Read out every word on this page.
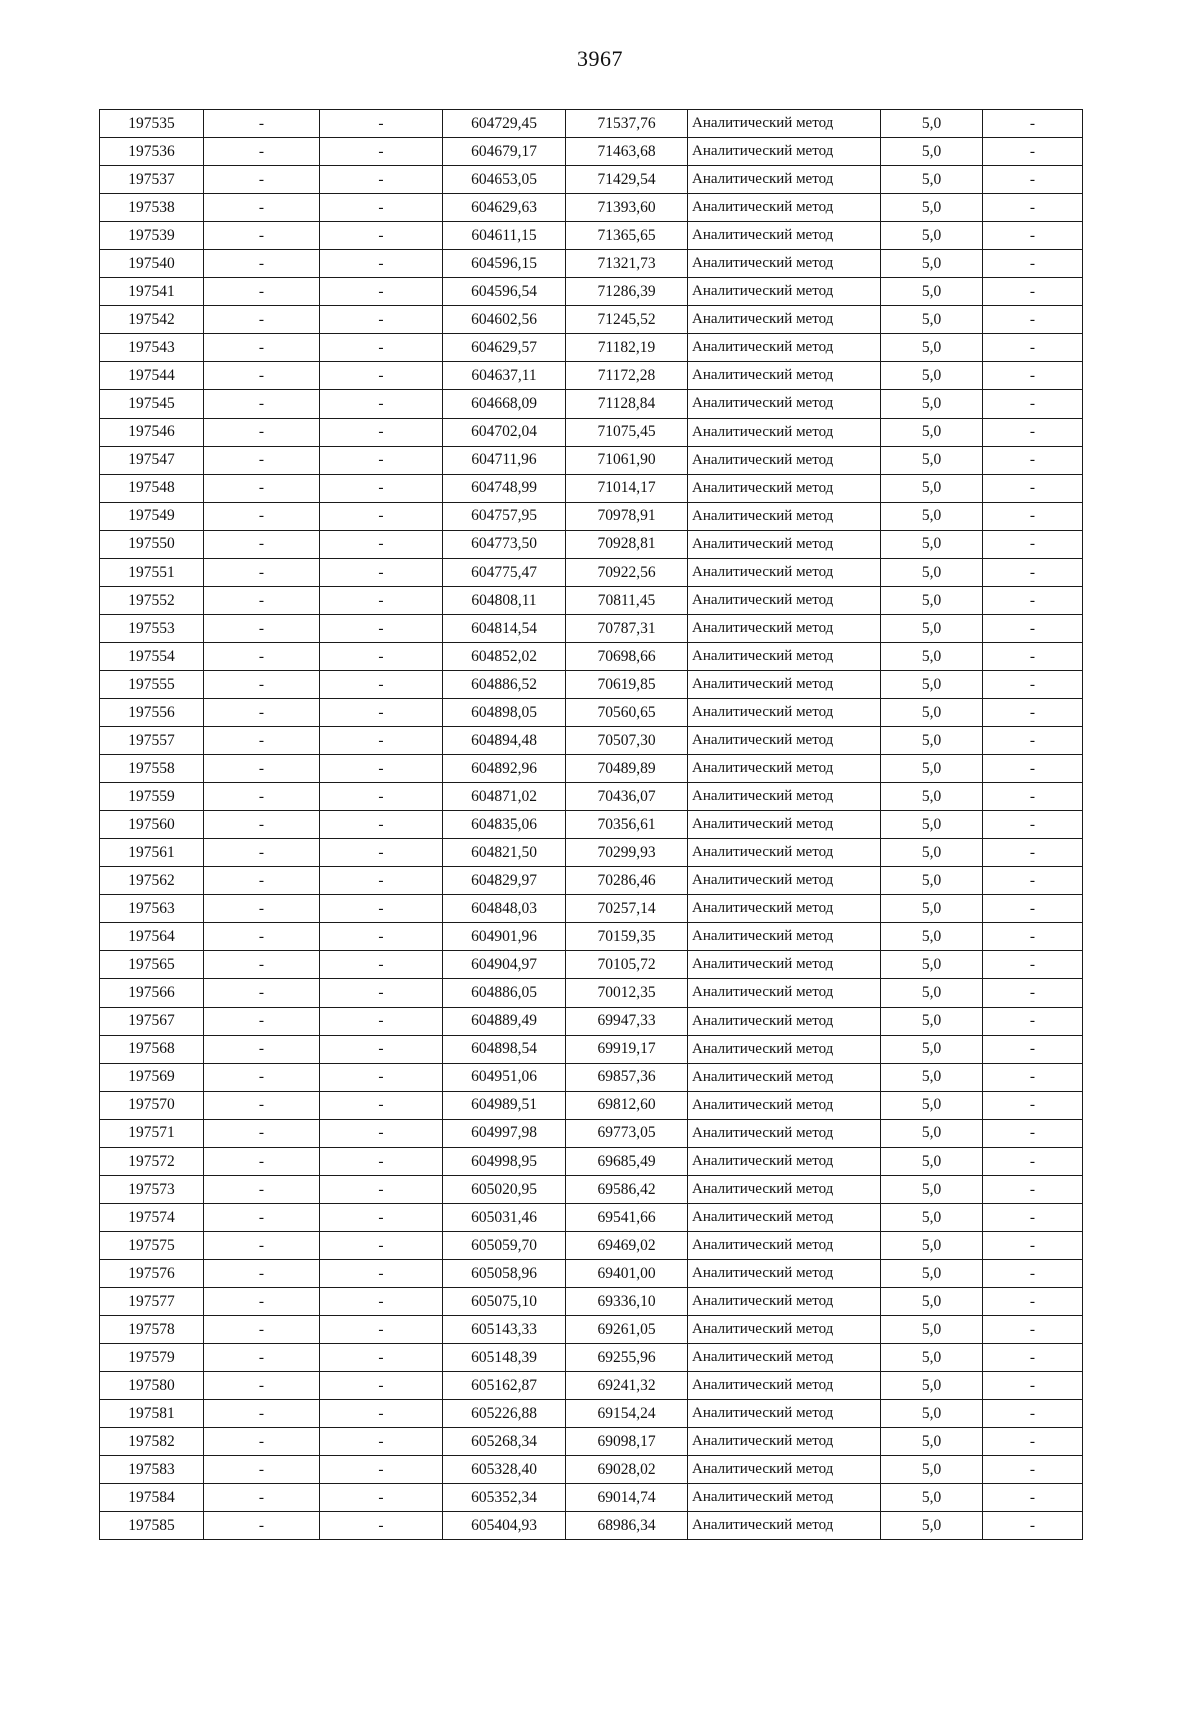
3967
197535	-	-	604729,45	71537,76	Аналитический метод	5,0	-
197536	-	-	604679,17	71463,68	Аналитический метод	5,0	-
197537	-	-	604653,05	71429,54	Аналитический метод	5,0	-
197538	-	-	604629,63	71393,60	Аналитический метод	5,0	-
197539	-	-	604611,15	71365,65	Аналитический метод	5,0	-
197540	-	-	604596,15	71321,73	Аналитический метод	5,0	-
197541	-	-	604596,54	71286,39	Аналитический метод	5,0	-
197542	-	-	604602,56	71245,52	Аналитический метод	5,0	-
197543	-	-	604629,57	71182,19	Аналитический метод	5,0	-
197544	-	-	604637,11	71172,28	Аналитический метод	5,0	-
197545	-	-	604668,09	71128,84	Аналитический метод	5,0	-
197546	-	-	604702,04	71075,45	Аналитический метод	5,0	-
197547	-	-	604711,96	71061,90	Аналитический метод	5,0	-
197548	-	-	604748,99	71014,17	Аналитический метод	5,0	-
197549	-	-	604757,95	70978,91	Аналитический метод	5,0	-
197550	-	-	604773,50	70928,81	Аналитический метод	5,0	-
197551	-	-	604775,47	70922,56	Аналитический метод	5,0	-
197552	-	-	604808,11	70811,45	Аналитический метод	5,0	-
197553	-	-	604814,54	70787,31	Аналитический метод	5,0	-
197554	-	-	604852,02	70698,66	Аналитический метод	5,0	-
197555	-	-	604886,52	70619,85	Аналитический метод	5,0	-
197556	-	-	604898,05	70560,65	Аналитический метод	5,0	-
197557	-	-	604894,48	70507,30	Аналитический метод	5,0	-
197558	-	-	604892,96	70489,89	Аналитический метод	5,0	-
197559	-	-	604871,02	70436,07	Аналитический метод	5,0	-
197560	-	-	604835,06	70356,61	Аналитический метод	5,0	-
197561	-	-	604821,50	70299,93	Аналитический метод	5,0	-
197562	-	-	604829,97	70286,46	Аналитический метод	5,0	-
197563	-	-	604848,03	70257,14	Аналитический метод	5,0	-
197564	-	-	604901,96	70159,35	Аналитический метод	5,0	-
197565	-	-	604904,97	70105,72	Аналитический метод	5,0	-
197566	-	-	604886,05	70012,35	Аналитический метод	5,0	-
197567	-	-	604889,49	69947,33	Аналитический метод	5,0	-
197568	-	-	604898,54	69919,17	Аналитический метод	5,0	-
197569	-	-	604951,06	69857,36	Аналитический метод	5,0	-
197570	-	-	604989,51	69812,60	Аналитический метод	5,0	-
197571	-	-	604997,98	69773,05	Аналитический метод	5,0	-
197572	-	-	604998,95	69685,49	Аналитический метод	5,0	-
197573	-	-	605020,95	69586,42	Аналитический метод	5,0	-
197574	-	-	605031,46	69541,66	Аналитический метод	5,0	-
197575	-	-	605059,70	69469,02	Аналитический метод	5,0	-
197576	-	-	605058,96	69401,00	Аналитический метод	5,0	-
197577	-	-	605075,10	69336,10	Аналитический метод	5,0	-
197578	-	-	605143,33	69261,05	Аналитический метод	5,0	-
197579	-	-	605148,39	69255,96	Аналитический метод	5,0	-
197580	-	-	605162,87	69241,32	Аналитический метод	5,0	-
197581	-	-	605226,88	69154,24	Аналитический метод	5,0	-
197582	-	-	605268,34	69098,17	Аналитический метод	5,0	-
197583	-	-	605328,40	69028,02	Аналитический метод	5,0	-
197584	-	-	605352,34	69014,74	Аналитический метод	5,0	-
197585	-	-	605404,93	68986,34	Аналитический метод	5,0	-
